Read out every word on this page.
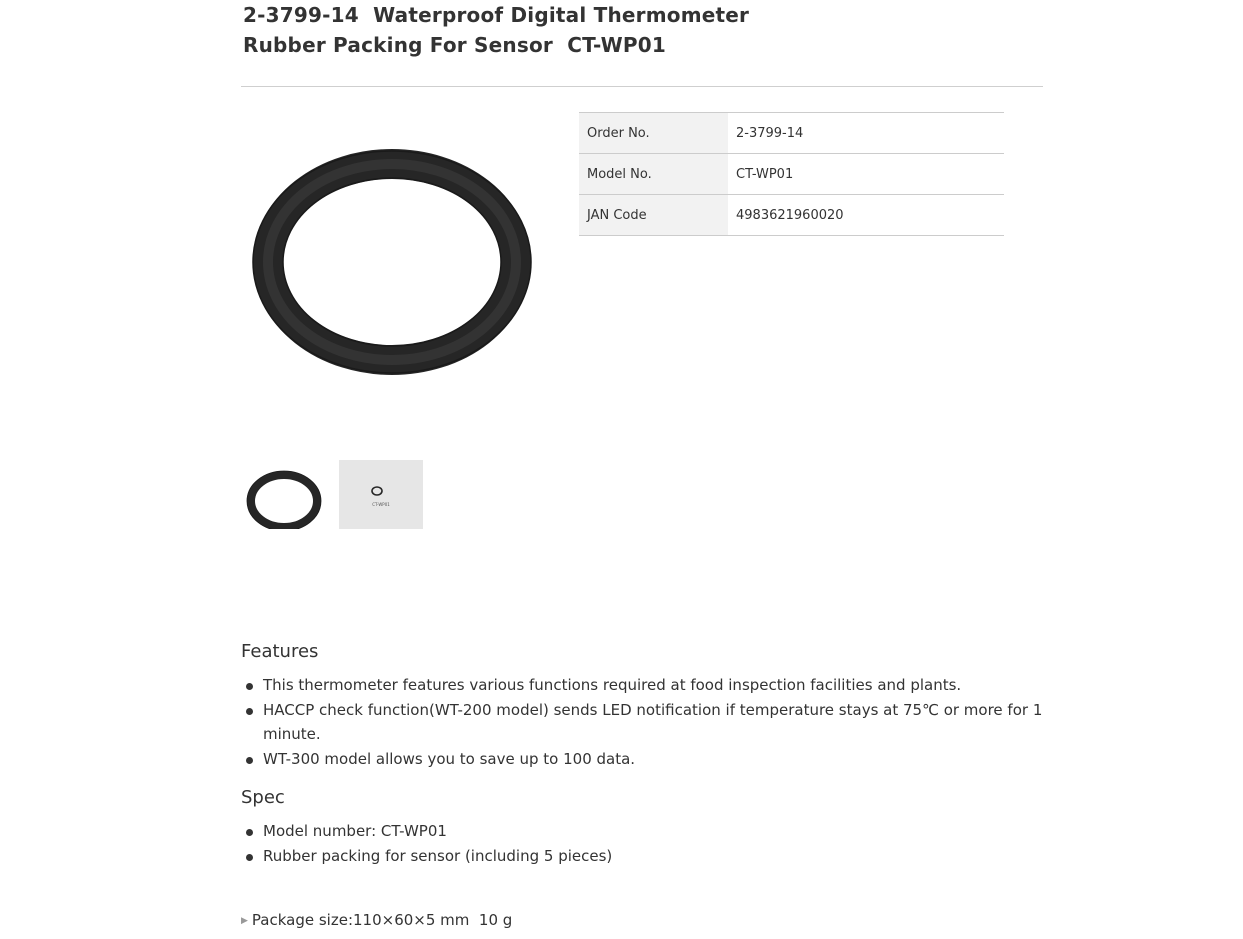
2-3799-14  Waterproof Digital Thermometer
Rubber Packing For Sensor  CT-WP01
CT-WP01
Order No.	2-3799-14
Model No.	CT-WP01
JAN Code	4983621960020
Features
This thermometer features various functions required at food inspection facilities and plants.
HACCP check function(WT-200 model) sends LED notification if temperature stays at 75℃ or more for 1 minute.
WT-300 model allows you to save up to 100 data.
Spec
Model number: CT-WP01
Rubber packing for sensor (including 5 pieces)
▶ Package size:110×60×5 mm  10 g
